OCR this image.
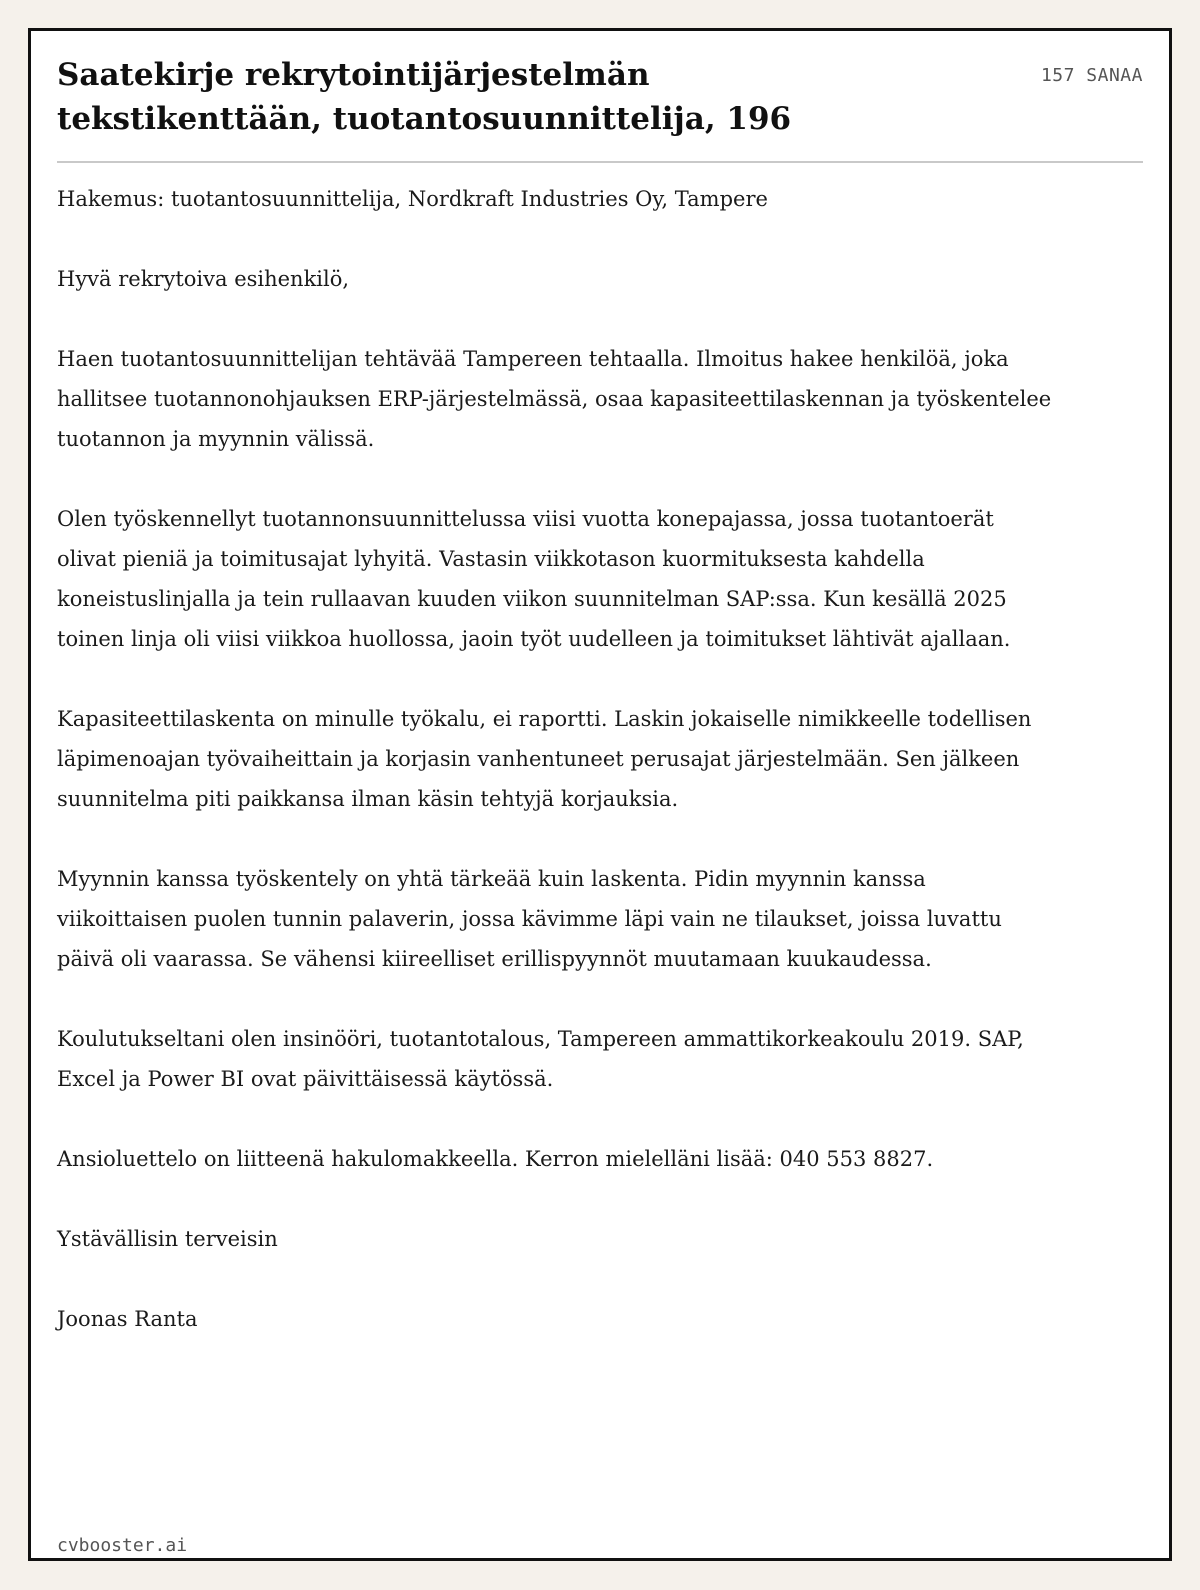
Saatekirje rekrytointijärjestelmän tekstikenttään, tuotantosuunnittelija, 196
157 SANAA

Hakemus: tuotantosuunnittelija, Nordkraft Industries Oy, Tampere

Hyvä rekrytoiva esihenkilö,

Haen tuotantosuunnittelijan tehtävää Tampereen tehtaalla. Ilmoitus hakee henkilöä, joka hallitsee tuotannonohjauksen ERP-järjestelmässä, osaa kapasiteettilaskennan ja työskentelee tuotannon ja myynnin välissä.

Olen työskennellyt tuotannonsuunnittelussa viisi vuotta konepajassa, jossa tuotantoerät olivat pieniä ja toimitusajat lyhyitä. Vastasin viikkotason kuormituksesta kahdella koneistuslinjalla ja tein rullaavan kuuden viikon suunnitelman SAP:ssa. Kun kesällä 2025 toinen linja oli viisi viikkoa huollossa, jaoin työt uudelleen ja toimitukset lähtivät ajallaan.

Kapasiteettilaskenta on minulle työkalu, ei raportti. Laskin jokaiselle nimikkeelle todellisen läpimenoajan työvaiheittain ja korjasin vanhentuneet perusajat järjestelmään. Sen jälkeen suunnitelma piti paikkansa ilman käsin tehtyjä korjauksia.

Myynnin kanssa työskentely on yhtä tärkeää kuin laskenta. Pidin myynnin kanssa viikoittaisen puolen tunnin palaverin, jossa kävimme läpi vain ne tilaukset, joissa luvattu päivä oli vaarassa. Se vähensi kiireelliset erillispyynnöt muutamaan kuukaudessa.

Koulutukseltani olen insinööri, tuotantotalous, Tampereen ammattikorkeakoulu 2019. SAP, Excel ja Power BI ovat päivittäisessä käytössä.

Ansioluettelo on liitteenä hakulomakkeella. Kerron mielelläni lisää: 040 553 8827.

Ystävällisin terveisin

Joonas Ranta

cvbooster.ai
